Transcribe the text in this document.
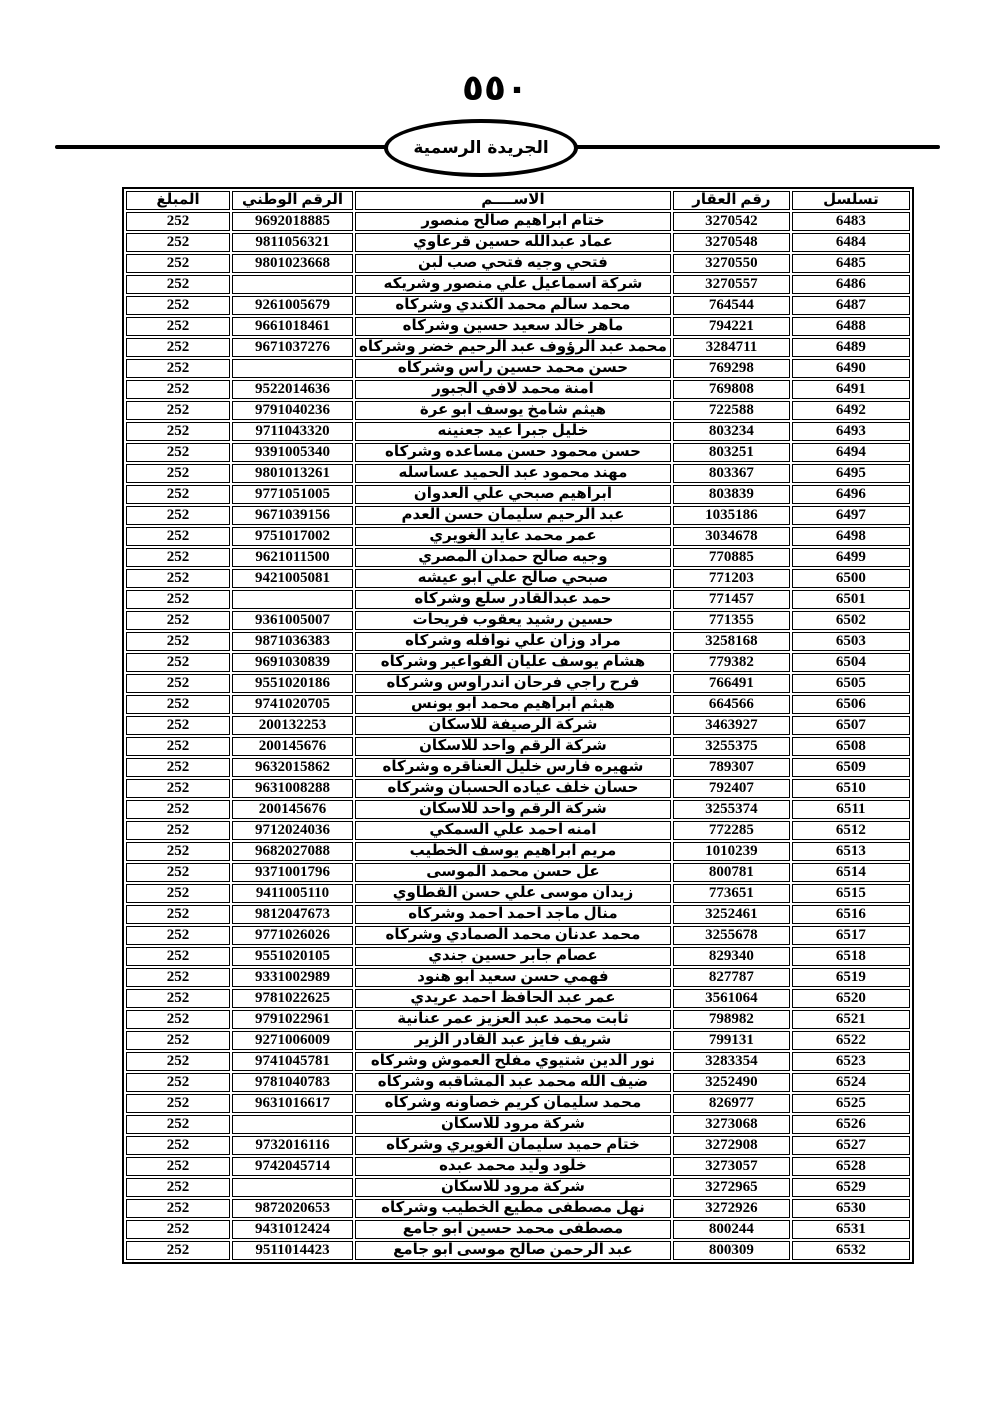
٥٥٠
الجريدة الرسمية
تسلسل	رقم العقار	الاســــم	الرقم الوطني	المبلغ
6483	3270542	ختام ابراهيم صالح منصور	9692018885	252
6484	3270548	عماد عبدالله حسين قرعاوي	9811056321	252
6485	3270550	فتحي وجيه فتحي صب لبن	9801023668	252
6486	3270557	شركة اسماعيل علي منصور وشريكه		252
6487	764544	محمد سالم محمد الكندي وشركاه	9261005679	252
6488	794221	ماهر خالد سعيد حسين وشركاه	9661018461	252
6489	3284711	محمد عبد الرؤوف عبد الرحيم خضر وشركاه	9671037276	252
6490	769298	حسن محمد حسين راس وشركاه		252
6491	769808	امنة محمد لافي الجبور	9522014636	252
6492	722588	هيثم شامخ يوسف ابو عرة	9791040236	252
6493	803234	خليل جبرا عيد جعنينه	9711043320	252
6494	803251	حسن محمود حسن مساعده وشركاه	9391005340	252
6495	803367	مهند محمود عبد الحميد عساسله	9801013261	252
6496	803839	ابراهيم صبحي علي العدوان	9771051005	252
6497	1035186	عبد الرحيم سليمان حسن العدم	9671039156	252
6498	3034678	عمر محمد عايد الغويري	9751017002	252
6499	770885	وجيه صالح حمدان المصري	9621011500	252
6500	771203	صبحي صالح علي ابو عيشه	9421005081	252
6501	771457	حمد عبدالقادر سلع وشركاه		252
6502	771355	حسين رشيد يعقوب فريحات	9361005007	252
6503	3258168	مراد وزان علي نوافله وشركاه	9871036383	252
6504	779382	هشام يوسف عليان الفواعير وشركاه	9691030839	252
6505	766491	فرح راجي فرحان اندراوس وشركاه	9551020186	252
6506	664566	هيثم ابراهيم محمد ابو يونس	9741020705	252
6507	3463927	شركة الرصيفة للاسكان	200132253	252
6508	3255375	شركة الرقم واحد للاسكان	200145676	252
6509	789307	شهيره فارس خليل العناقره وشركاه	9632015862	252
6510	792407	حسان خلف عياده الحسبان وشركاه	9631008288	252
6511	3255374	شركة الرقم واحد للاسكان	200145676	252
6512	772285	امنه احمد علي السمكي	9712024036	252
6513	1010239	مريم ابراهيم يوسف الخطيب	9682027088	252
6514	800781	عل حسن محمد الموسى	9371001796	252
6515	773651	زيدان موسى علي حسن القطاوي	9411005110	252
6516	3252461	منال ماجد احمد احمد وشركاه	9812047673	252
6517	3255678	محمد عدنان محمد الصمادي وشركاه	9771026026	252
6518	829340	عصام جابر حسين جندي	9551020105	252
6519	827787	فهمي حسن سعيد ابو هنود	9331002989	252
6520	3561064	عمر عبد الحافظ احمد عريدي	9781022625	252
6521	798982	ثابت محمد عبد العزيز عمر عنانية	9791022961	252
6522	799131	شريف فايز عبد القادر الزير	9271006009	252
6523	3283354	نور الدين شتيوي مفلح العموش وشركاه	9741045781	252
6524	3252490	ضيف الله محمد عبد المشاقبه وشركاه	9781040783	252
6525	826977	محمد سليمان كريم خصاونه وشركاه	9631016617	252
6526	3273068	شركة مرود للاسكان		252
6527	3272908	ختام حميد سليمان الغويري وشركاه	9732016116	252
6528	3273057	خلود وليد محمد عبده	9742045714	252
6529	3272965	شركة مرود للاسكان		252
6530	3272926	نهل مصطفى مطيع الخطيب وشركاه	9872020653	252
6531	800244	مصطفى محمد حسين ابو جامع	9431012424	252
6532	800309	عبد الرحمن صالح موسى ابو جامع	9511014423	252
